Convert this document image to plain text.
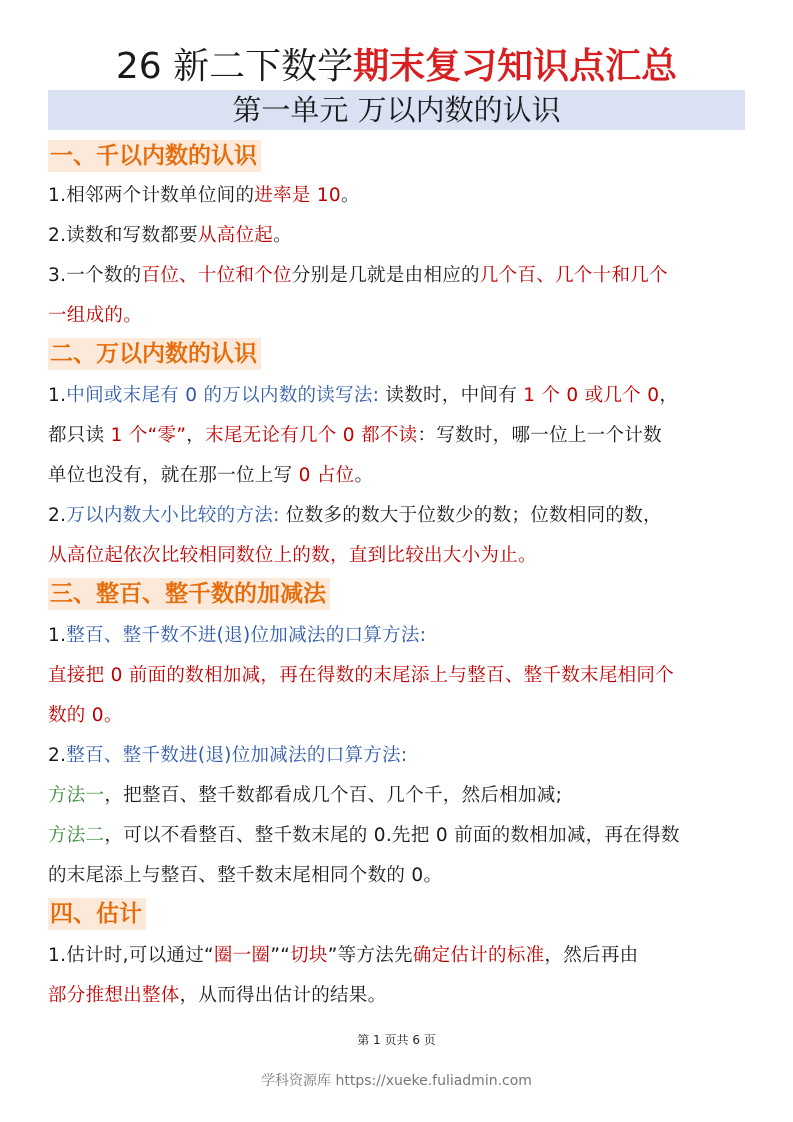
26 新二下数学期末复习知识点汇总
第一单元 万以内数的认识
一、千以内数的认识
1.相邻两个计数单位间的进率是 10。
2.读数和写数都要从高位起。
3.一个数的百位、十位和个位分别是几就是由相应的几个百、几个十和几个
一组成的。
二、万以内数的认识
1.中间或末尾有 0 的万以内数的读写法: 读数时，中间有 1 个 0 或几个 0，
都只读 1 个“零”，末尾无论有几个 0 都不读：写数时，哪一位上一个计数
单位也没有，就在那一位上写 0 占位。
2.万以内数大小比较的方法: 位数多的数大于位数少的数；位数相同的数，
从高位起依次比较相同数位上的数，直到比较出大小为止。
三、整百、整千数的加减法
1.整百、整千数不进(退)位加减法的口算方法:
直接把 0 前面的数相加减，再在得数的末尾添上与整百、整千数末尾相同个
数的 0。
2.整百、整千数进(退)位加减法的口算方法:
方法一，把整百、整千数都看成几个百、几个千，然后相加减;
方法二，可以不看整百、整千数末尾的 0.先把 0 前面的数相加减，再在得数
的末尾添上与整百、整千数末尾相同个数的 0。
四、估计
1.估计时,可以通过“圈一圈”“切块”等方法先确定估计的标准，然后再由
部分推想出整体，从而得出估计的结果。
第 1 页共 6 页
学科资源库 https://xueke.fuliadmin.com
